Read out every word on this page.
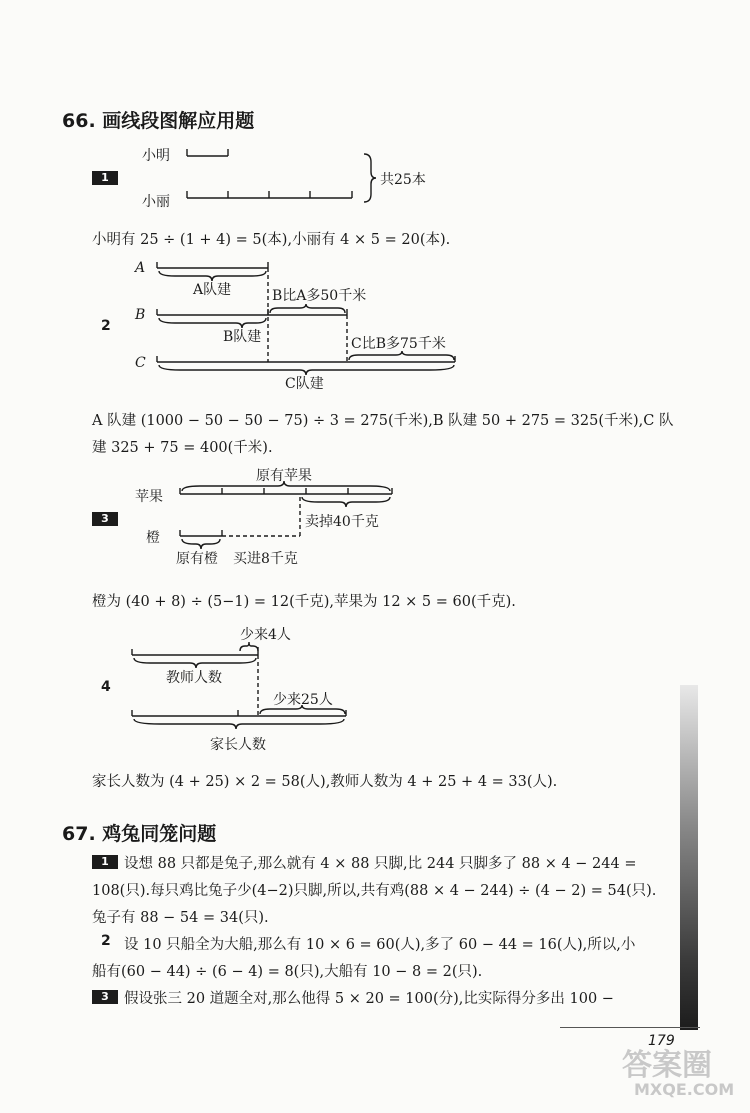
66. 画线段图解应用题
小明
1
小丽
共25本
小明有 25 ÷ (1 + 4) = 5(本),小丽有 4 × 5 = 20(本).
A
A队建	B比A多50千米
2
B
B队建	C比B多75千米
C
C队建
A 队建 (1000 − 50 − 50 − 75) ÷ 3 = 275(千米),B 队建 50 + 275 = 325(千米),C 队
建 325 + 75 = 400(千米).
原有苹果
苹果
3	卖掉40千克
橙
原有橙 买进8千克
橙为 (40 + 8) ÷ (5−1) = 12(千克),苹果为 12 × 5 = 60(千克).
少来4人
教师人数
4
少来25人
家长人数
家长人数为 (4 + 25) × 2 = 58(人),教师人数为 4 + 25 + 4 = 33(人).
67. 鸡兔同笼问题
1	设想 88 只都是兔子,那么就有 4 × 88 只脚,比 244 只脚多了 88 × 4 − 244 =
108(只).每只鸡比兔子少(4−2)只脚,所以,共有鸡(88 × 4 − 244) ÷ (4 − 2) = 54(只).
兔子有 88 − 54 = 34(只).
2 设 10 只船全为大船,那么有 10 × 6 = 60(人),多了 60 − 44 = 16(人),所以,小
船有(60 − 44) ÷ (6 − 4) = 8(只),大船有 10 − 8 = 2(只).
3	假设张三 20 道题全对,那么他得 5 × 20 = 100(分),比实际得分多出 100 −
179
答案圈
MXQE.COM
